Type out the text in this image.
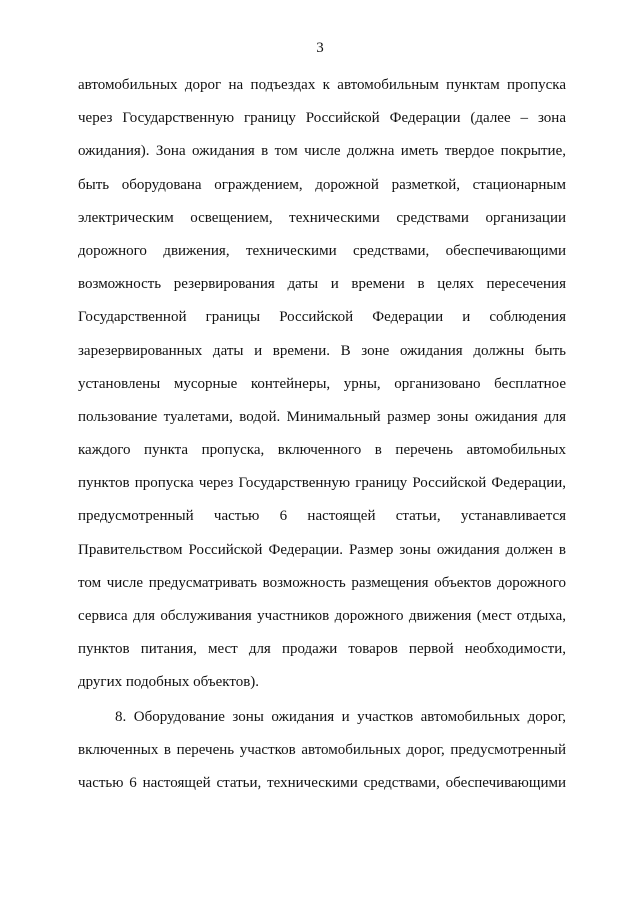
3
автомобильных дорог на подъездах к автомобильным пунктам пропуска
через Государственную границу Российской Федерации (далее – зона
ожидания). Зона ожидания в том числе должна иметь твердое покрытие,
быть оборудована ограждением, дорожной разметкой, стационарным
электрическим освещением, техническими средствами организации
дорожного движения, техническими средствами, обеспечивающими
возможность резервирования даты и времени в целях пересечения
Государственной границы Российской Федерации и соблюдения
зарезервированных даты и времени. В зоне ожидания должны быть
установлены мусорные контейнеры, урны, организовано бесплатное
пользование туалетами, водой. Минимальный размер зоны ожидания для
каждого пункта пропуска, включенного в перечень автомобильных
пунктов пропуска через Государственную границу Российской Федерации,
предусмотренный частью 6 настоящей статьи, устанавливается
Правительством Российской Федерации. Размер зоны ожидания должен в
том числе предусматривать возможность размещения объектов дорожного
сервиса для обслуживания участников дорожного движения (мест отдыха,
пунктов питания, мест для продажи товаров первой необходимости,
других подобных объектов).
8. Оборудование зоны ожидания и участков автомобильных дорог,
включенных в перечень участков автомобильных дорог, предусмотренный
частью 6 настоящей статьи, техническими средствами, обеспечивающими
